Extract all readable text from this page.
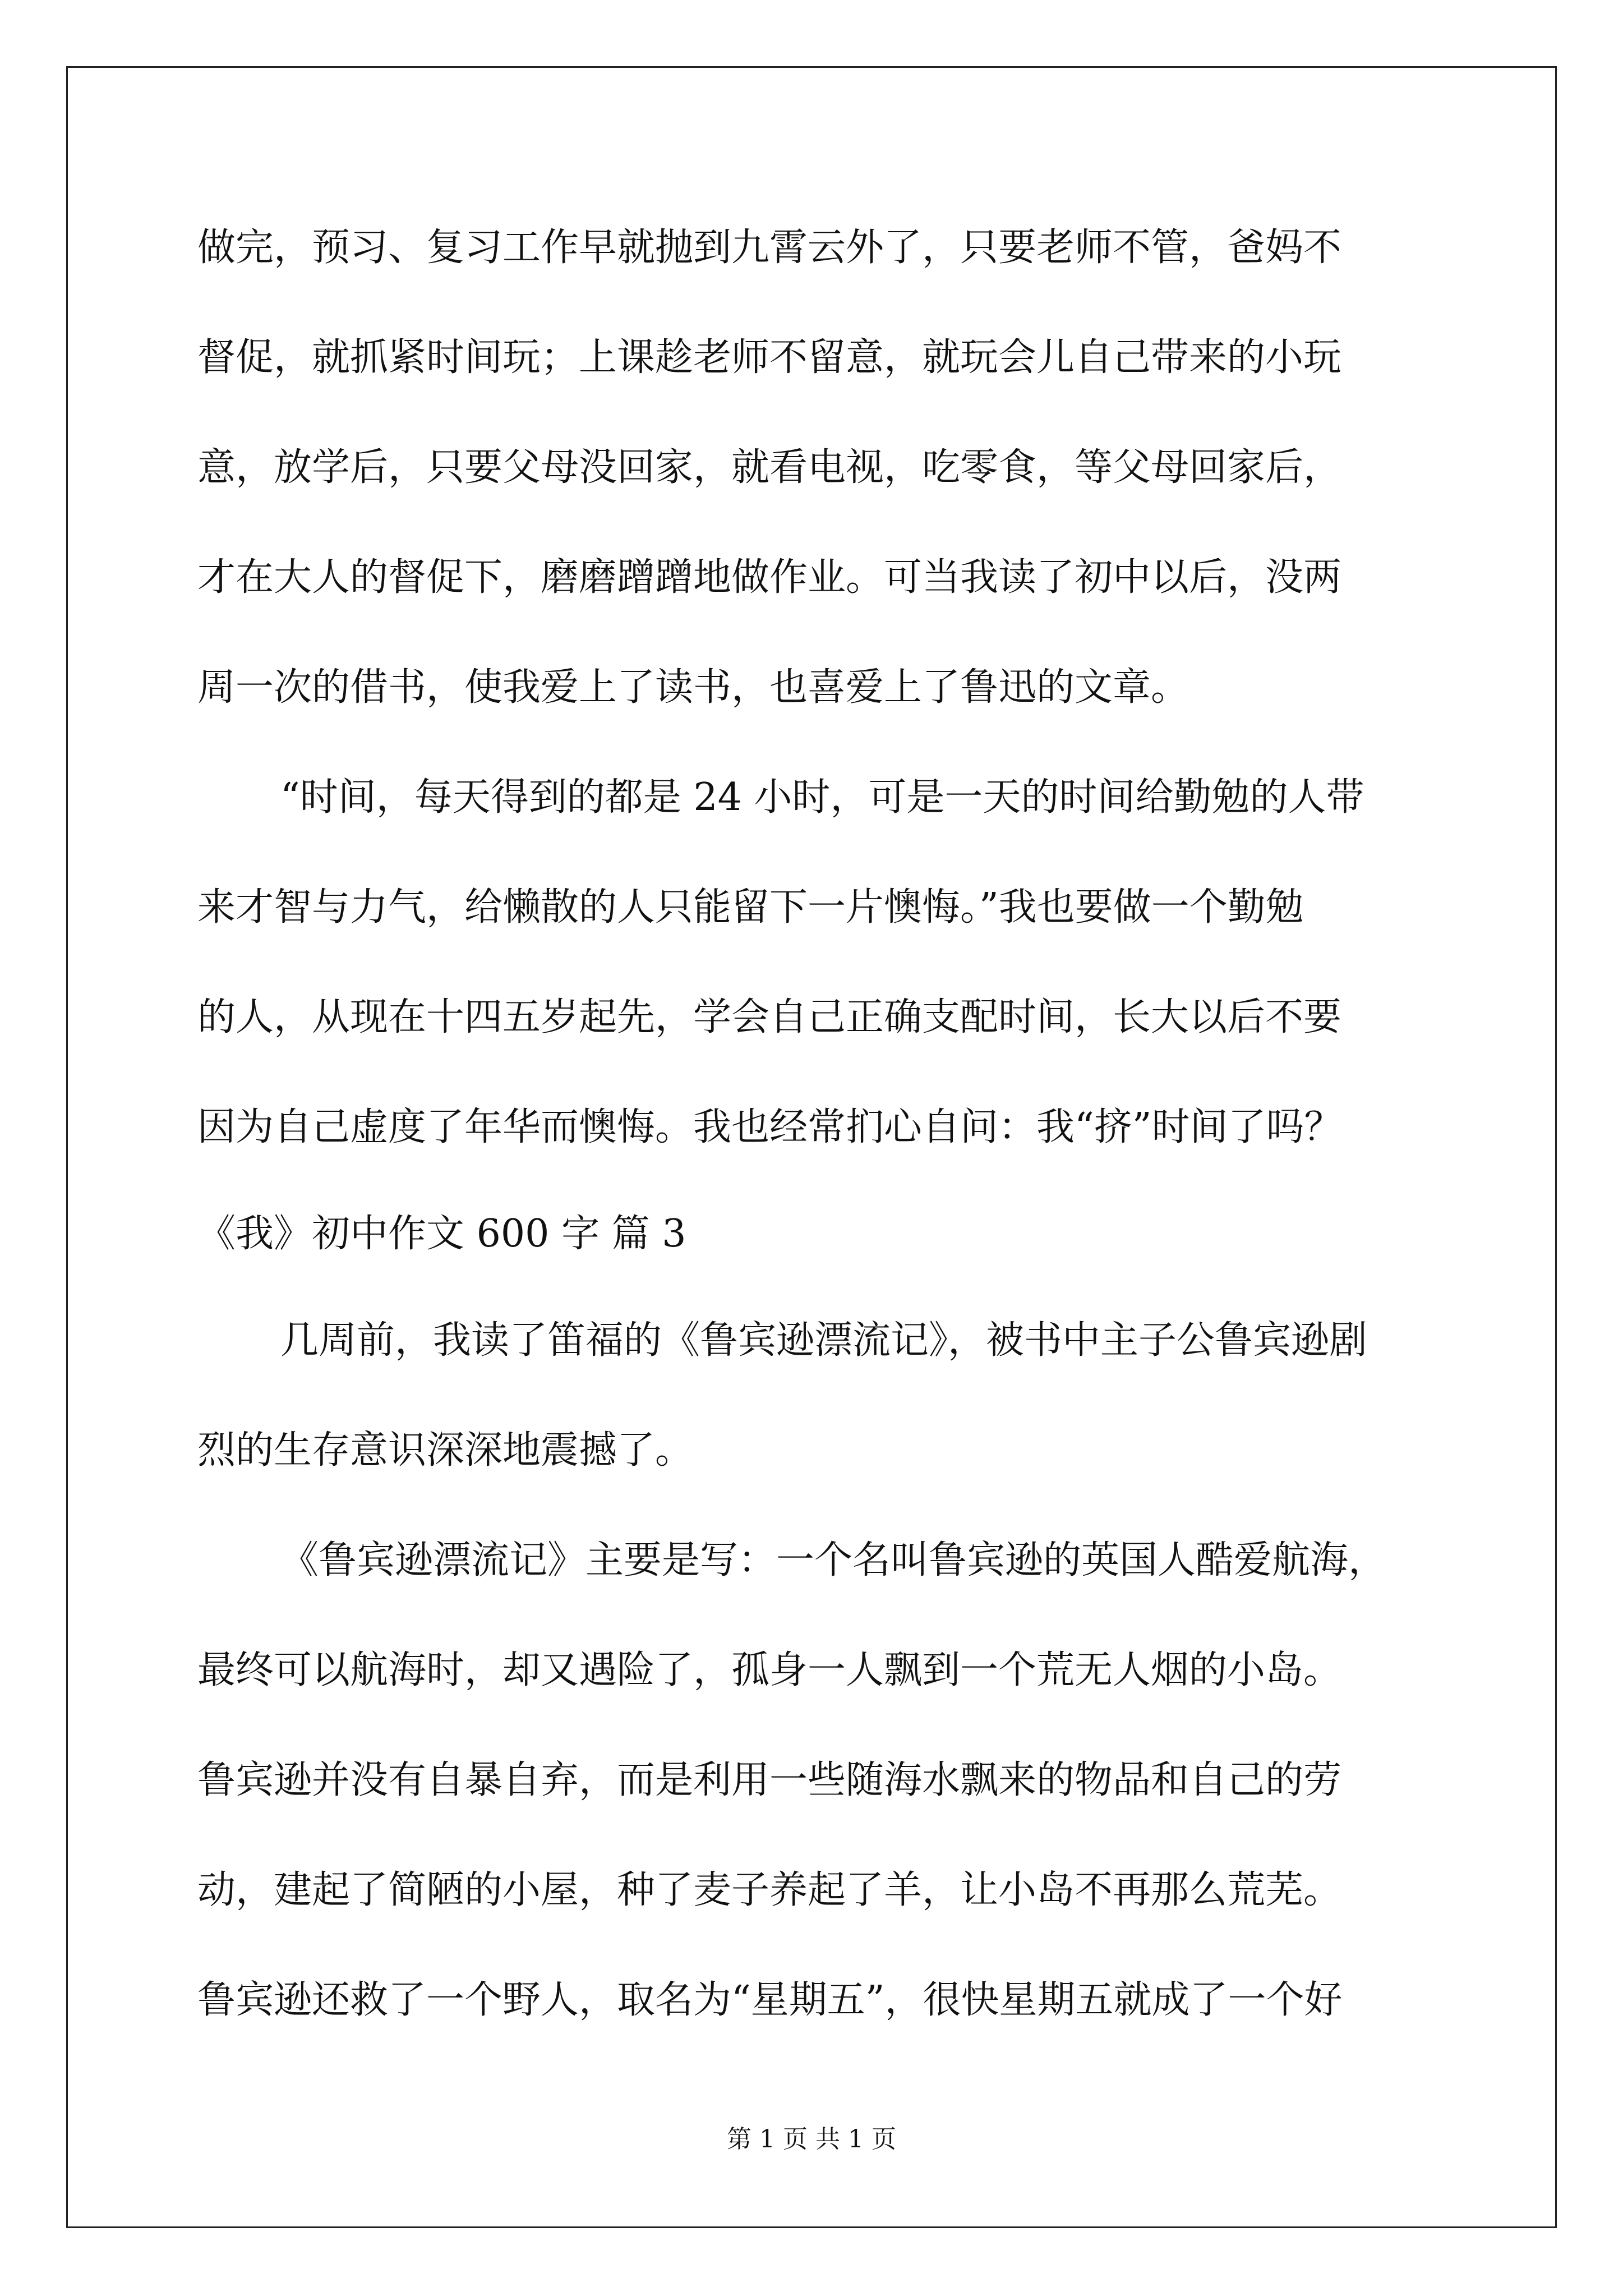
做完，预习、复习工作早就抛到九霄云外了，只要老师不管，爸妈不
督促，就抓紧时间玩；上课趁老师不留意，就玩会儿自己带来的小玩
意，放学后，只要父母没回家，就看电视，吃零食，等父母回家后，
才在大人的督促下，磨磨蹭蹭地做作业。可当我读了初中以后，没两
周一次的借书，使我爱上了读书，也喜爱上了鲁迅的文章。
“时间，每天得到的都是 24 小时，可是一天的时间给勤勉的人带
来才智与力气，给懒散的人只能留下一片懊悔。”我也要做一个勤勉
的人，从现在十四五岁起先，学会自己正确支配时间，长大以后不要
因为自己虚度了年华而懊悔。我也经常扪心自问：我“挤”时间了吗？
《我》初中作文 600 字 篇 3
几周前，我读了笛福的《鲁宾逊漂流记》，被书中主子公鲁宾逊剧
烈的生存意识深深地震撼了。
《鲁宾逊漂流记》主要是写：一个名叫鲁宾逊的英国人酷爱航海，
最终可以航海时，却又遇险了，孤身一人飘到一个荒无人烟的小岛。
鲁宾逊并没有自暴自弃，而是利用一些随海水飘来的物品和自己的劳
动，建起了简陋的小屋，种了麦子养起了羊，让小岛不再那么荒芜。
鲁宾逊还救了一个野人，取名为“星期五”，很快星期五就成了一个好
第 1 页 共 1 页
